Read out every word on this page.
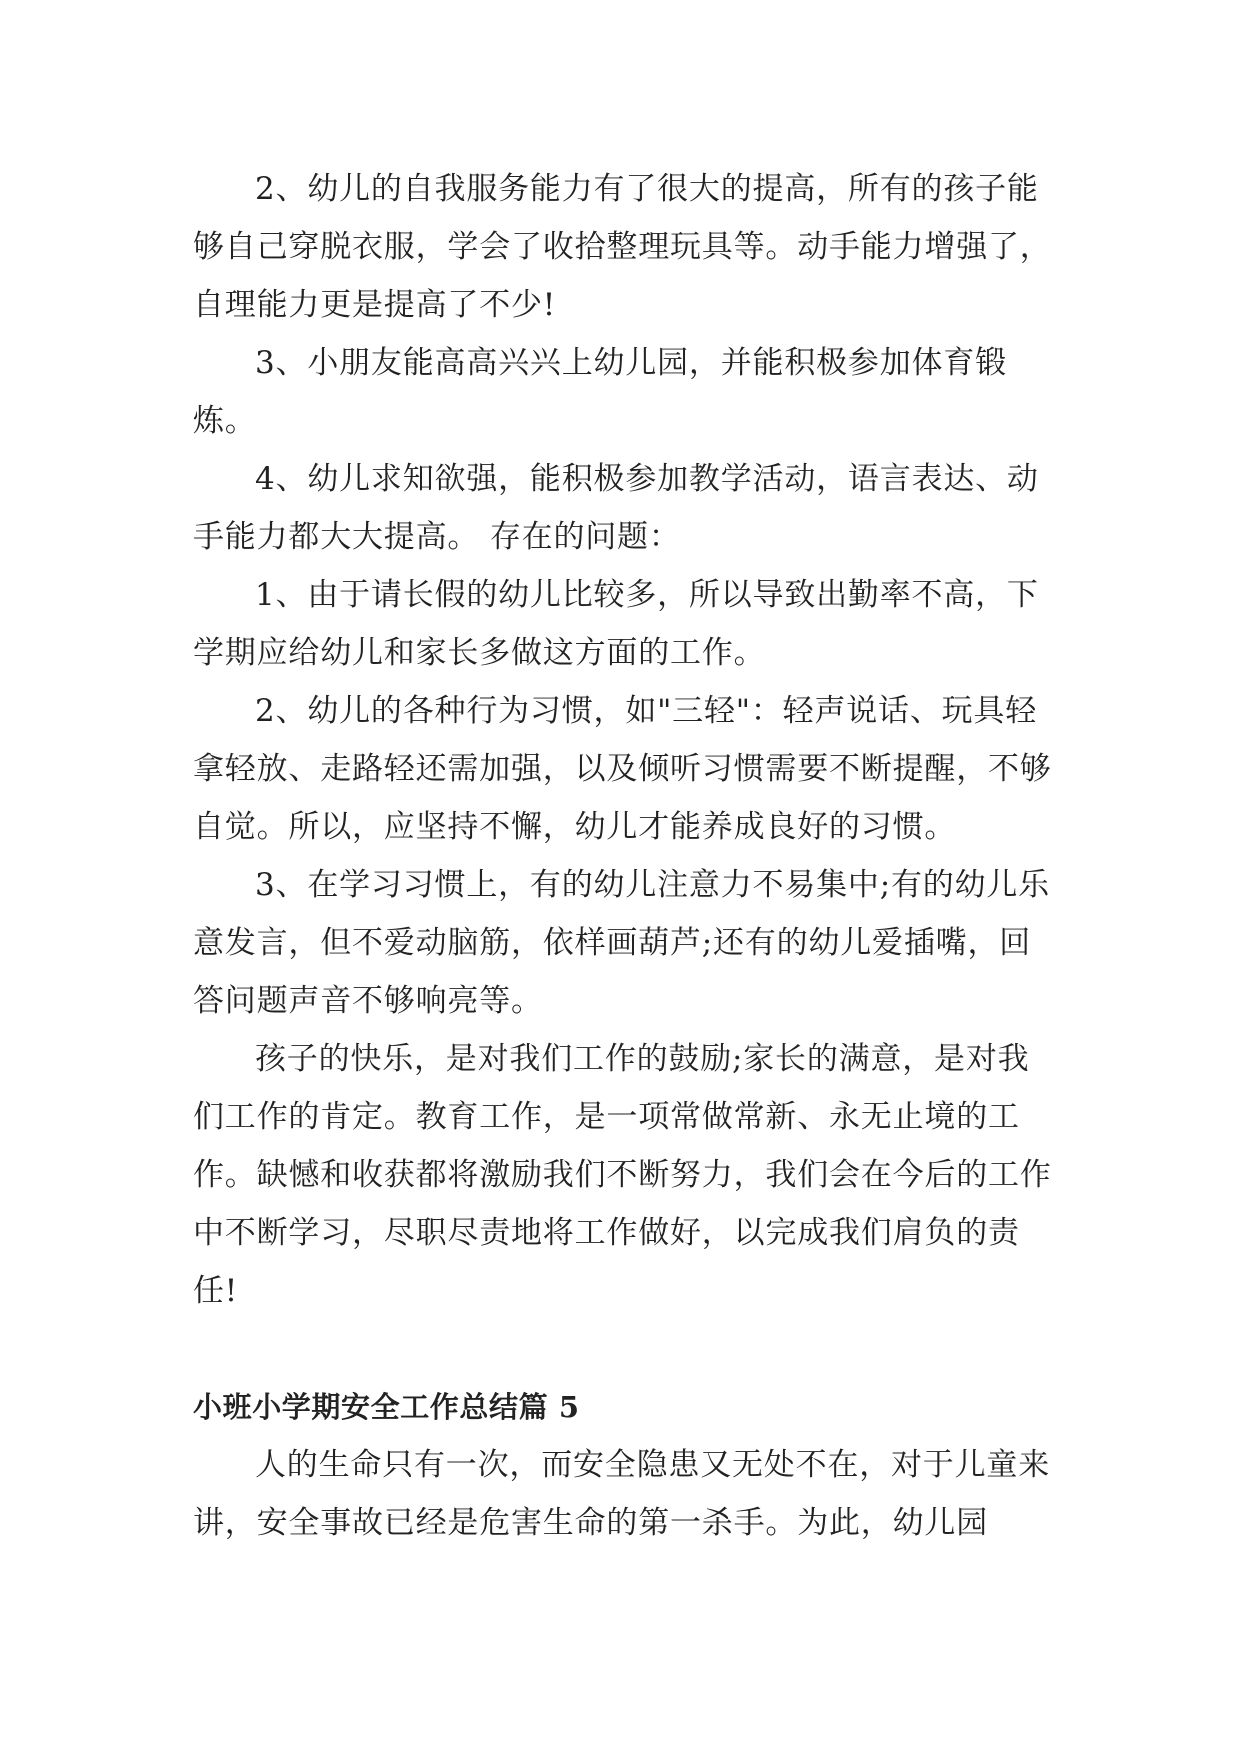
2、幼儿的自我服务能力有了很大的提高，所有的孩子能够自己穿脱衣服，学会了收拾整理玩具等。动手能力增强了，自理能力更是提高了不少!

3、小朋友能高高兴兴上幼儿园，并能积极参加体育锻炼。

4、幼儿求知欲强，能积极参加教学活动，语言表达、动手能力都大大提高。 存在的问题：

1、由于请长假的幼儿比较多，所以导致出勤率不高，下学期应给幼儿和家长多做这方面的工作。

2、幼儿的各种行为习惯，如"三轻"：轻声说话、玩具轻拿轻放、走路轻还需加强，以及倾听习惯需要不断提醒，不够自觉。所以，应坚持不懈，幼儿才能养成良好的习惯。

3、在学习习惯上，有的幼儿注意力不易集中;有的幼儿乐意发言，但不爱动脑筋，依样画葫芦;还有的幼儿爱插嘴，回答问题声音不够响亮等。

孩子的快乐，是对我们工作的鼓励;家长的满意，是对我们工作的肯定。教育工作，是一项常做常新、永无止境的工作。缺憾和收获都将激励我们不断努力，我们会在今后的工作中不断学习，尽职尽责地将工作做好，以完成我们肩负的责任!

小班小学期安全工作总结篇 5

人的生命只有一次，而安全隐患又无处不在，对于儿童来讲，安全事故已经是危害生命的第一杀手。为此，幼儿园
